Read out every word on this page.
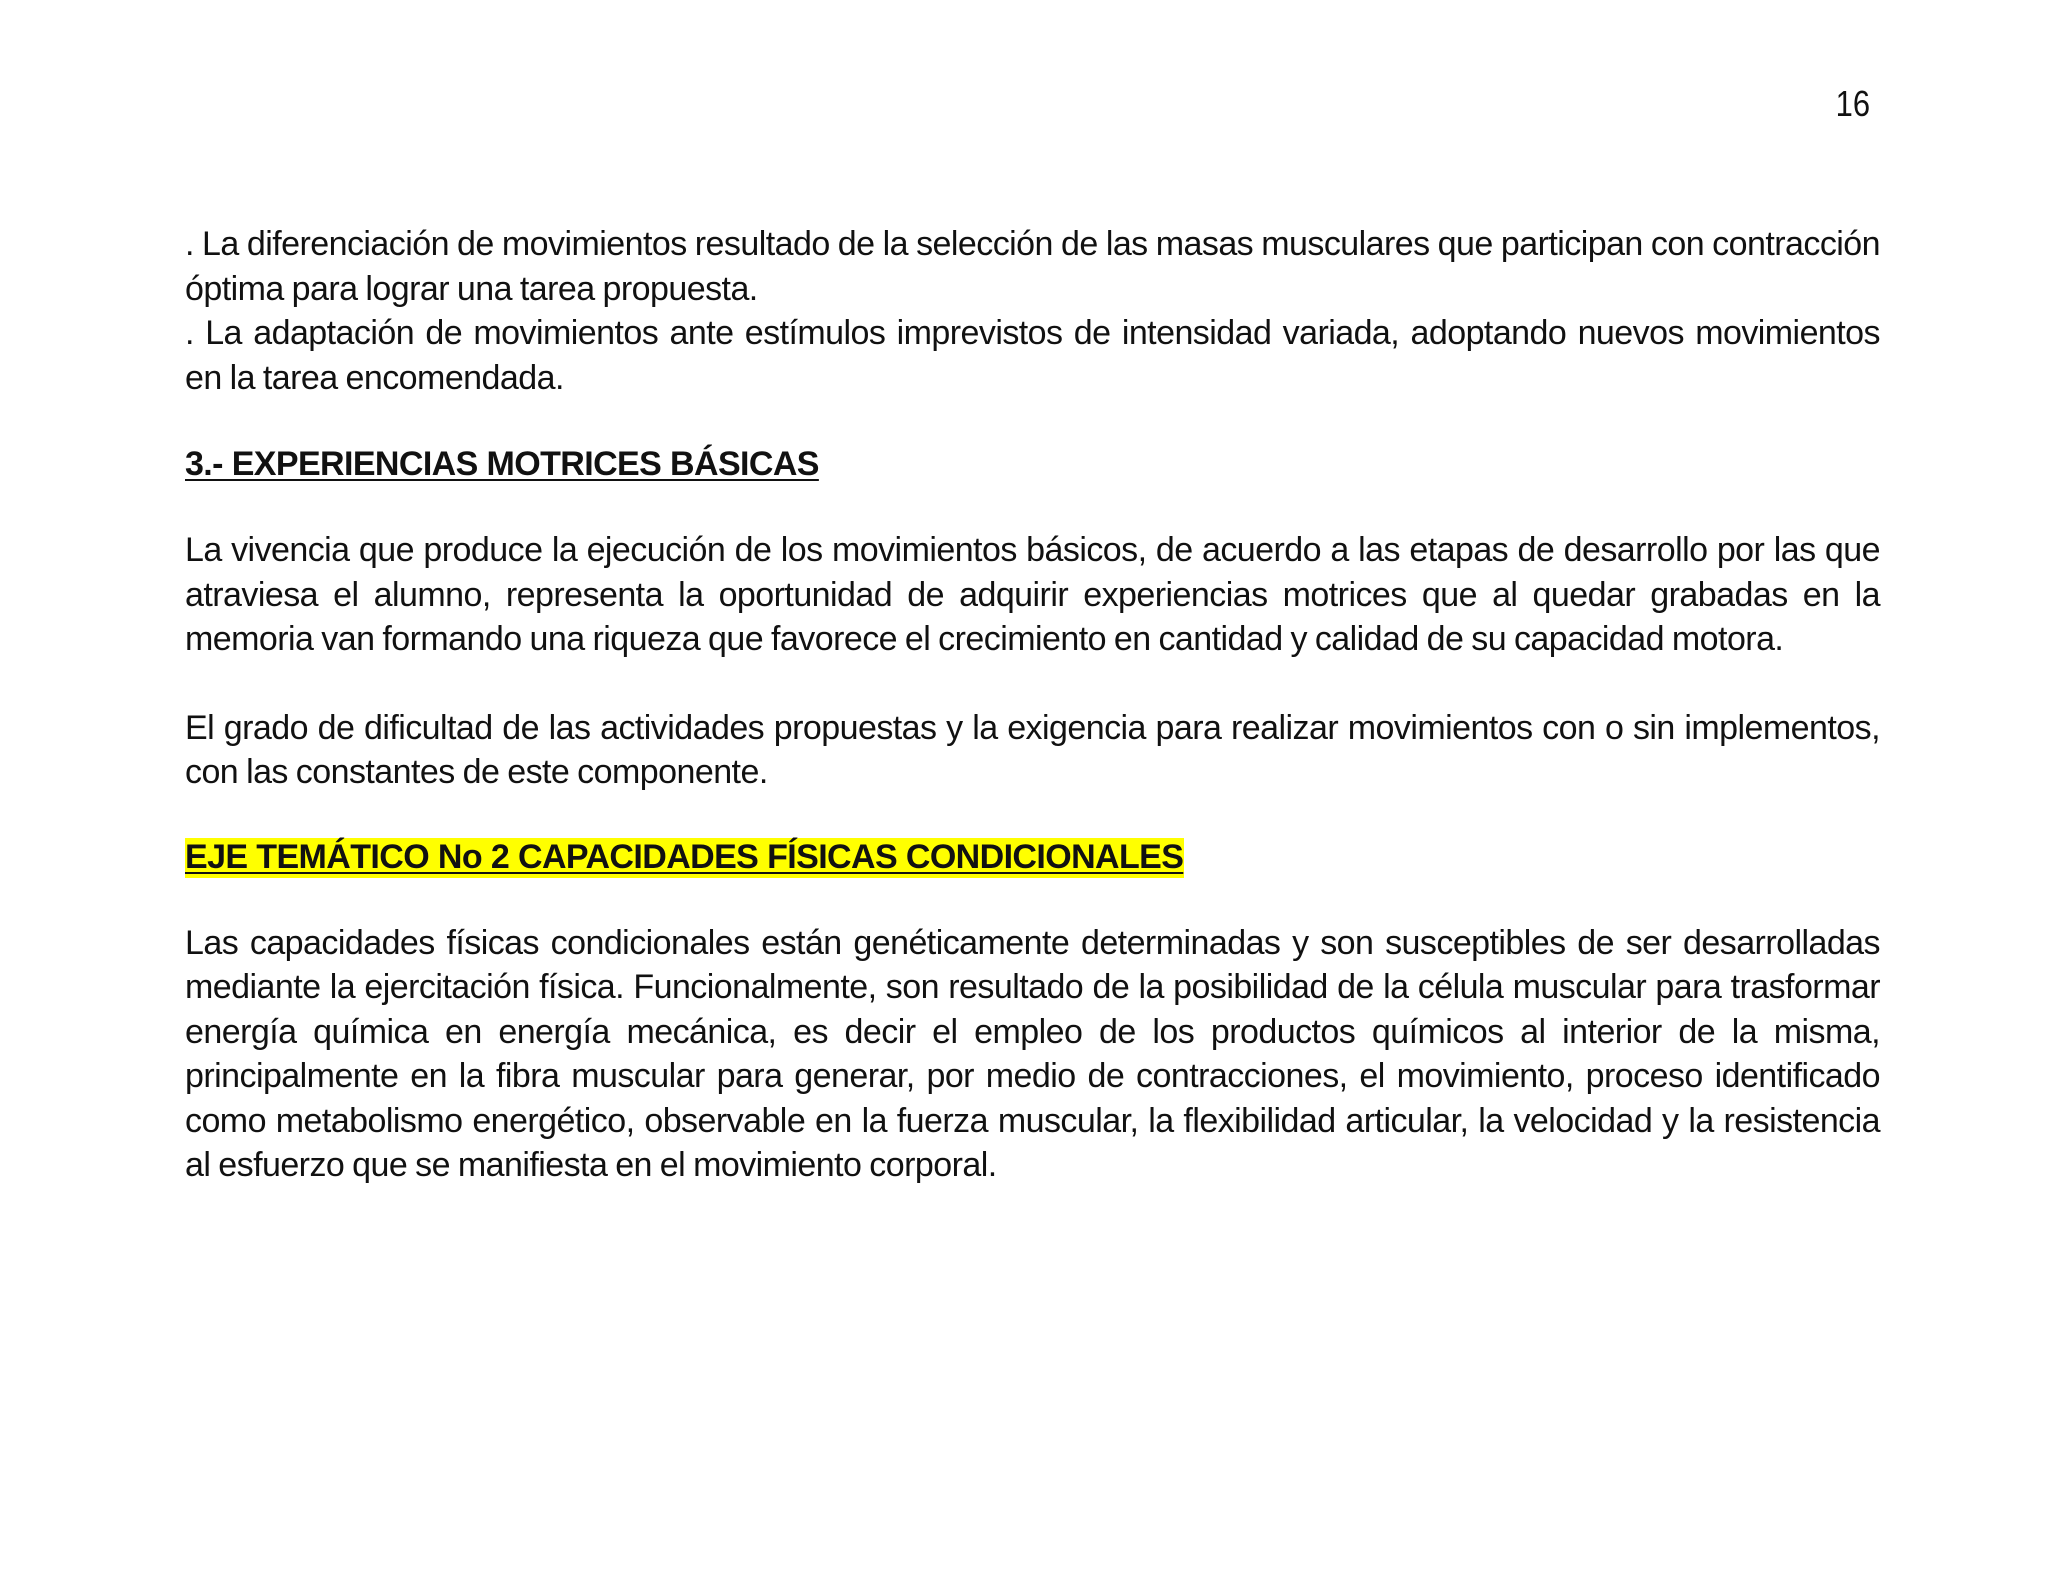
16

. La diferenciación de movimientos resultado de la selección de las masas musculares que participan con contracción óptima para lograr una tarea propuesta.

. La adaptación de movimientos ante estímulos imprevistos de intensidad variada, adoptando nuevos movimientos en la tarea encomendada.

3.- EXPERIENCIAS MOTRICES BÁSICAS

La vivencia que produce la ejecución de los movimientos básicos, de acuerdo a las etapas de desarrollo por las que atraviesa el alumno, representa la oportunidad de adquirir experiencias motrices que al quedar grabadas en la memoria van formando una riqueza que favorece el crecimiento en cantidad y calidad de su capacidad motora.

El grado de dificultad de las actividades propuestas y la exigencia para realizar movimientos con o sin implementos, con las constantes de este componente.

EJE TEMÁTICO No 2 CAPACIDADES FÍSICAS CONDICIONALES

Las capacidades físicas condicionales están genéticamente determinadas y son susceptibles de ser desarrolladas mediante la ejercitación física. Funcionalmente, son resultado de la posibilidad de la célula muscular para trasformar energía química en energía mecánica, es decir el empleo de los productos químicos al interior de la misma, principalmente en la fibra muscular para generar, por medio de contracciones, el movimiento, proceso identificado como metabolismo energético, observable en la fuerza muscular, la flexibilidad articular, la velocidad y la resistencia al esfuerzo que se manifiesta en el movimiento corporal.
